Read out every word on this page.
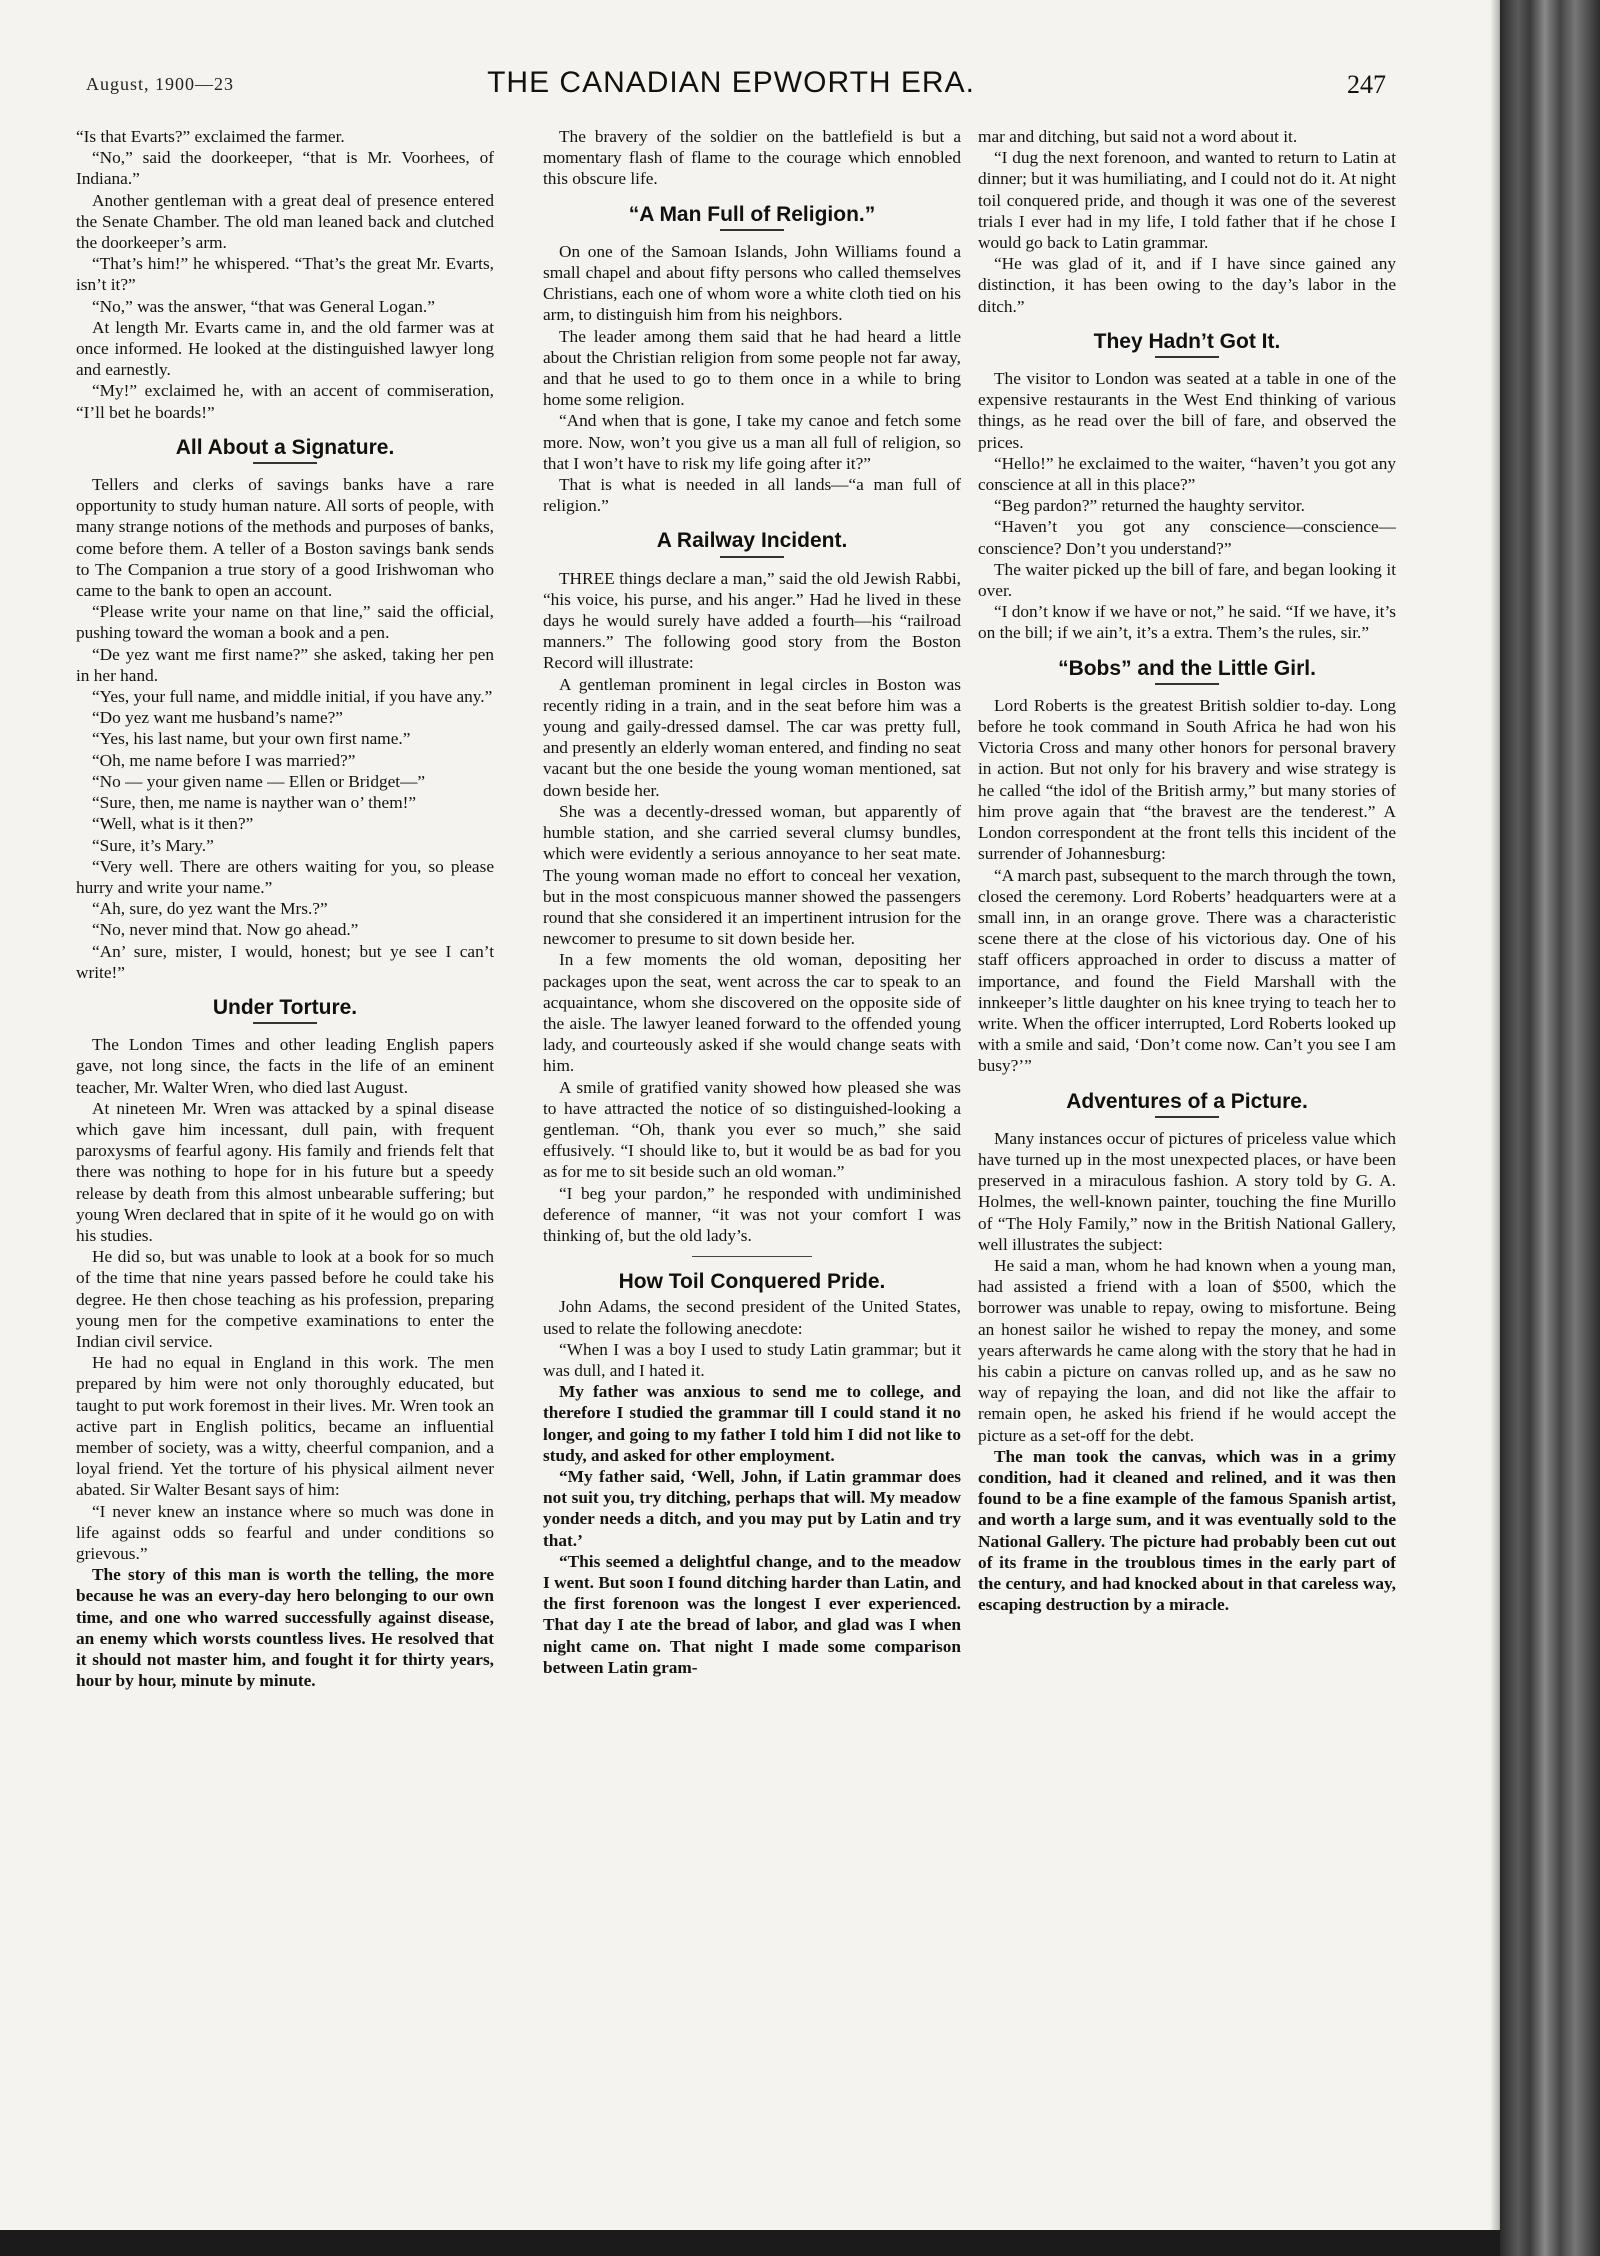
August, 1900—23	THE CANADIAN EPWORTH ERA.	247

“Is that Evarts?” exclaimed the farmer.

“No,” said the doorkeeper, “that is Mr. Voorhees, of Indiana.”

Another gentleman with a great deal of presence entered the Senate Chamber. The old man leaned back and clutched the doorkeeper’s arm.

“That’s him!” he whispered. “That’s the great Mr. Evarts, isn’t it?”

“No,” was the answer, “that was General Logan.”

At length Mr. Evarts came in, and the old farmer was at once informed. He looked at the distinguished lawyer long and earnestly.

“My!” exclaimed he, with an accent of commiseration, “I’ll bet he boards!”

All About a Signature.

Tellers and clerks of savings banks have a rare opportunity to study human nature. All sorts of people, with many strange notions of the methods and purposes of banks, come before them. A teller of a Boston savings bank sends to The Companion a true story of a good Irishwoman who came to the bank to open an account.

“Please write your name on that line,” said the official, pushing toward the woman a book and a pen.

“De yez want me first name?” she asked, taking her pen in her hand.

“Yes, your full name, and middle initial, if you have any.”

“Do yez want me husband’s name?”

“Yes, his last name, but your own first name.”

“Oh, me name before I was married?”

“No — your given name — Ellen or Bridget—”

“Sure, then, me name is nayther wan o’ them!”

“Well, what is it then?”

“Sure, it’s Mary.”

“Very well. There are others waiting for you, so please hurry and write your name.”

“Ah, sure, do yez want the Mrs.?”

“No, never mind that. Now go ahead.”

“An’ sure, mister, I would, honest; but ye see I can’t write!”

Under Torture.

The London Times and other leading English papers gave, not long since, the facts in the life of an eminent teacher, Mr. Walter Wren, who died last August.

At nineteen Mr. Wren was attacked by a spinal disease which gave him incessant, dull pain, with frequent paroxysms of fearful agony. His family and friends felt that there was nothing to hope for in his future but a speedy release by death from this almost unbearable suffering; but young Wren declared that in spite of it he would go on with his studies.

He did so, but was unable to look at a book for so much of the time that nine years passed before he could take his degree. He then chose teaching as his profession, preparing young men for the competive examinations to enter the Indian civil service.

He had no equal in England in this work. The men prepared by him were not only thoroughly educated, but taught to put work foremost in their lives. Mr. Wren took an active part in English politics, became an influential member of society, was a witty, cheerful companion, and a loyal friend. Yet the torture of his physical ailment never abated. Sir Walter Besant says of him:

“I never knew an instance where so much was done in life against odds so fearful and under conditions so grievous.”

The story of this man is worth the telling, the more because he was an every-day hero belonging to our own time, and one who warred successfully against disease, an enemy which worsts countless lives. He resolved that it should not master him, and fought it for thirty years, hour by hour, minute by minute.

The bravery of the soldier on the battlefield is but a momentary flash of flame to the courage which ennobled this obscure life.

“A Man Full of Religion.”

On one of the Samoan Islands, John Williams found a small chapel and about fifty persons who called themselves Christians, each one of whom wore a white cloth tied on his arm, to distinguish him from his neighbors.

The leader among them said that he had heard a little about the Christian religion from some people not far away, and that he used to go to them once in a while to bring home some religion.

“And when that is gone, I take my canoe and fetch some more. Now, won’t you give us a man all full of religion, so that I won’t have to risk my life going after it?”

That is what is needed in all lands—“a man full of religion.”

A Railway Incident.

THREE things declare a man,” said the old Jewish Rabbi, “his voice, his purse, and his anger.” Had he lived in these days he would surely have added a fourth—his “railroad manners.” The following good story from the Boston Record will illustrate:

A gentleman prominent in legal circles in Boston was recently riding in a train, and in the seat before him was a young and gaily-dressed damsel. The car was pretty full, and presently an elderly woman entered, and finding no seat vacant but the one beside the young woman mentioned, sat down beside her.

She was a decently-dressed woman, but apparently of humble station, and she carried several clumsy bundles, which were evidently a serious annoyance to her seat mate. The young woman made no effort to conceal her vexation, but in the most conspicuous manner showed the passengers round that she considered it an impertinent intrusion for the newcomer to presume to sit down beside her.

In a few moments the old woman, depositing her packages upon the seat, went across the car to speak to an acquaintance, whom she discovered on the opposite side of the aisle. The lawyer leaned forward to the offended young lady, and courteously asked if she would change seats with him.

A smile of gratified vanity showed how pleased she was to have attracted the notice of so distinguished-looking a gentleman. “Oh, thank you ever so much,” she said effusively. “I should like to, but it would be as bad for you as for me to sit beside such an old woman.”

“I beg your pardon,” he responded with undiminished deference of manner, “it was not your comfort I was thinking of, but the old lady’s.

How Toil Conquered Pride.

John Adams, the second president of the United States, used to relate the following anecdote:

“When I was a boy I used to study Latin grammar; but it was dull, and I hated it.

My father was anxious to send me to college, and therefore I studied the grammar till I could stand it no longer, and going to my father I told him I did not like to study, and asked for other employment.

“My father said, ‘Well, John, if Latin grammar does not suit you, try ditching, perhaps that will. My meadow yonder needs a ditch, and you may put by Latin and try that.’

“This seemed a delightful change, and to the meadow I went. But soon I found ditching harder than Latin, and the first forenoon was the longest I ever experienced. That day I ate the bread of labor, and glad was I when night came on. That night I made some comparison between Latin gram-

mar and ditching, but said not a word about it.

“I dug the next forenoon, and wanted to return to Latin at dinner; but it was humiliating, and I could not do it. At night toil conquered pride, and though it was one of the severest trials I ever had in my life, I told father that if he chose I would go back to Latin grammar.

“He was glad of it, and if I have since gained any distinction, it has been owing to the day’s labor in the ditch.”

They Hadn’t Got It.

The visitor to London was seated at a table in one of the expensive restaurants in the West End thinking of various things, as he read over the bill of fare, and observed the prices.

“Hello!” he exclaimed to the waiter, “haven’t you got any conscience at all in this place?”

“Beg pardon?” returned the haughty servitor.

“Haven’t you got any conscience—conscience—conscience? Don’t you understand?”

The waiter picked up the bill of fare, and began looking it over.

“I don’t know if we have or not,” he said. “If we have, it’s on the bill; if we ain’t, it’s a extra. Them’s the rules, sir.”

“Bobs” and the Little Girl.

Lord Roberts is the greatest British soldier to-day. Long before he took command in South Africa he had won his Victoria Cross and many other honors for personal bravery in action. But not only for his bravery and wise strategy is he called “the idol of the British army,” but many stories of him prove again that “the bravest are the tenderest.” A London correspondent at the front tells this incident of the surrender of Johannesburg:

“A march past, subsequent to the march through the town, closed the ceremony. Lord Roberts’ headquarters were at a small inn, in an orange grove. There was a characteristic scene there at the close of his victorious day. One of his staff officers approached in order to discuss a matter of importance, and found the Field Marshall with the innkeeper’s little daughter on his knee trying to teach her to write. When the officer interrupted, Lord Roberts looked up with a smile and said, ‘Don’t come now. Can’t you see I am busy?’”

Adventures of a Picture.

Many instances occur of pictures of priceless value which have turned up in the most unexpected places, or have been preserved in a miraculous fashion. A story told by G. A. Holmes, the well-known painter, touching the fine Murillo of “The Holy Family,” now in the British National Gallery, well illustrates the subject:

He said a man, whom he had known when a young man, had assisted a friend with a loan of $500, which the borrower was unable to repay, owing to misfortune. Being an honest sailor he wished to repay the money, and some years afterwards he came along with the story that he had in his cabin a picture on canvas rolled up, and as he saw no way of repaying the loan, and did not like the affair to remain open, he asked his friend if he would accept the picture as a set-off for the debt.

The man took the canvas, which was in a grimy condition, had it cleaned and relined, and it was then found to be a fine example of the famous Spanish artist, and worth a large sum, and it was eventually sold to the National Gallery. The picture had probably been cut out of its frame in the troublous times in the early part of the century, and had knocked about in that careless way, escaping destruction by a miracle.
